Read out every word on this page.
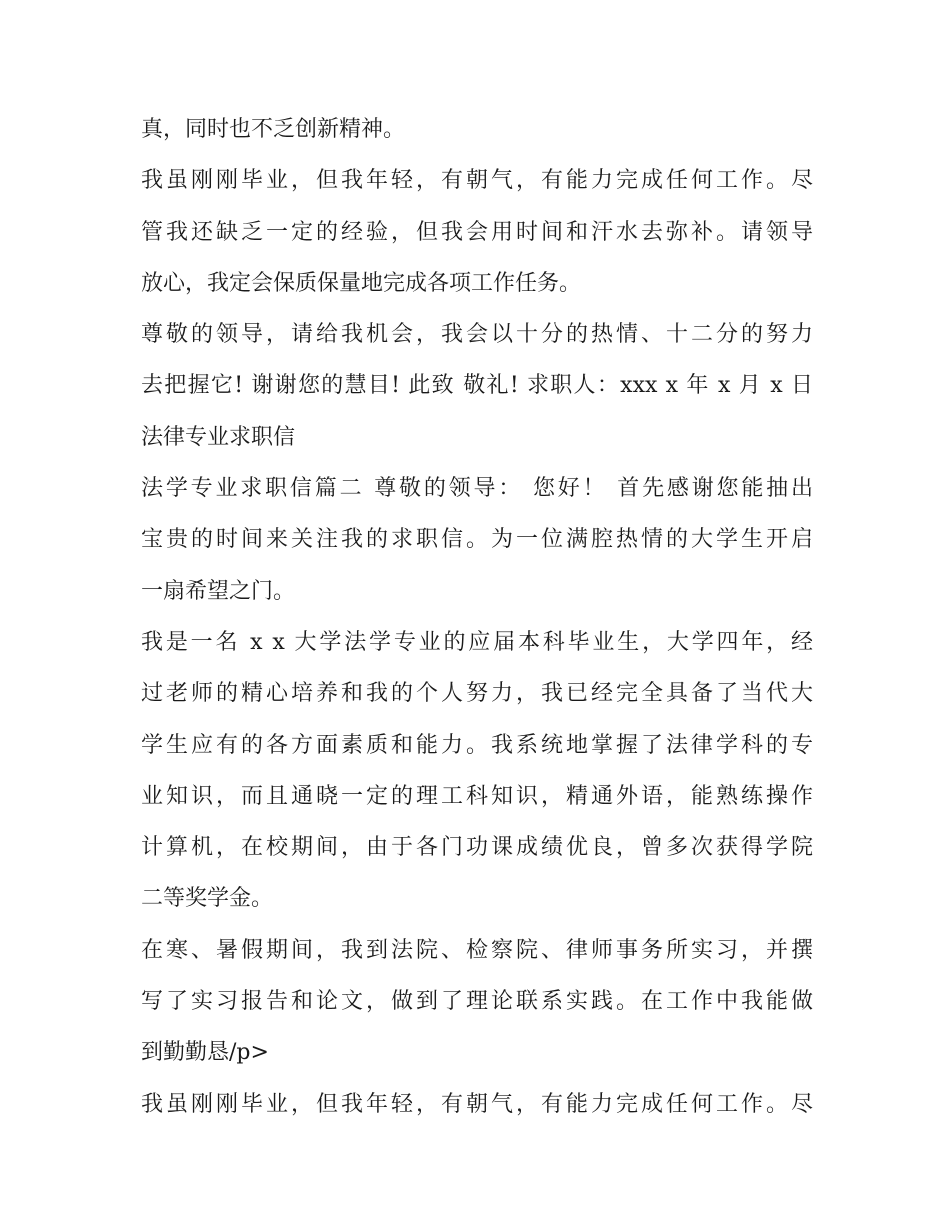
真，同时也不乏创新精神。
我虽刚刚毕业，但我年轻，有朝气，有能力完成任何工作。尽
管我还缺乏一定的经验，但我会用时间和汗水去弥补。请领导
放心，我定会保质保量地完成各项工作任务。
尊敬的领导，请给我机会，我会以十分的热情、十二分的努力
去把握它! 谢谢您的慧目! 此致 敬礼! 求职人：xxx x 年 x 月 x 日
法律专业求职信
法学专业求职信篇二 尊敬的领导： 您好！ 首先感谢您能抽出
宝贵的时间来关注我的求职信。为一位满腔热情的大学生开启
一扇希望之门。
我是一名 x x 大学法学专业的应届本科毕业生，大学四年，经
过老师的精心培养和我的个人努力，我已经完全具备了当代大
学生应有的各方面素质和能力。我系统地掌握了法律学科的专
业知识，而且通晓一定的理工科知识，精通外语，能熟练操作
计算机，在校期间，由于各门功课成绩优良，曾多次获得学院
二等奖学金。
在寒、暑假期间，我到法院、检察院、律师事务所实习，并撰
写了实习报告和论文，做到了理论联系实践。在工作中我能做
到勤勤恳/p>
我虽刚刚毕业，但我年轻，有朝气，有能力完成任何工作。尽
